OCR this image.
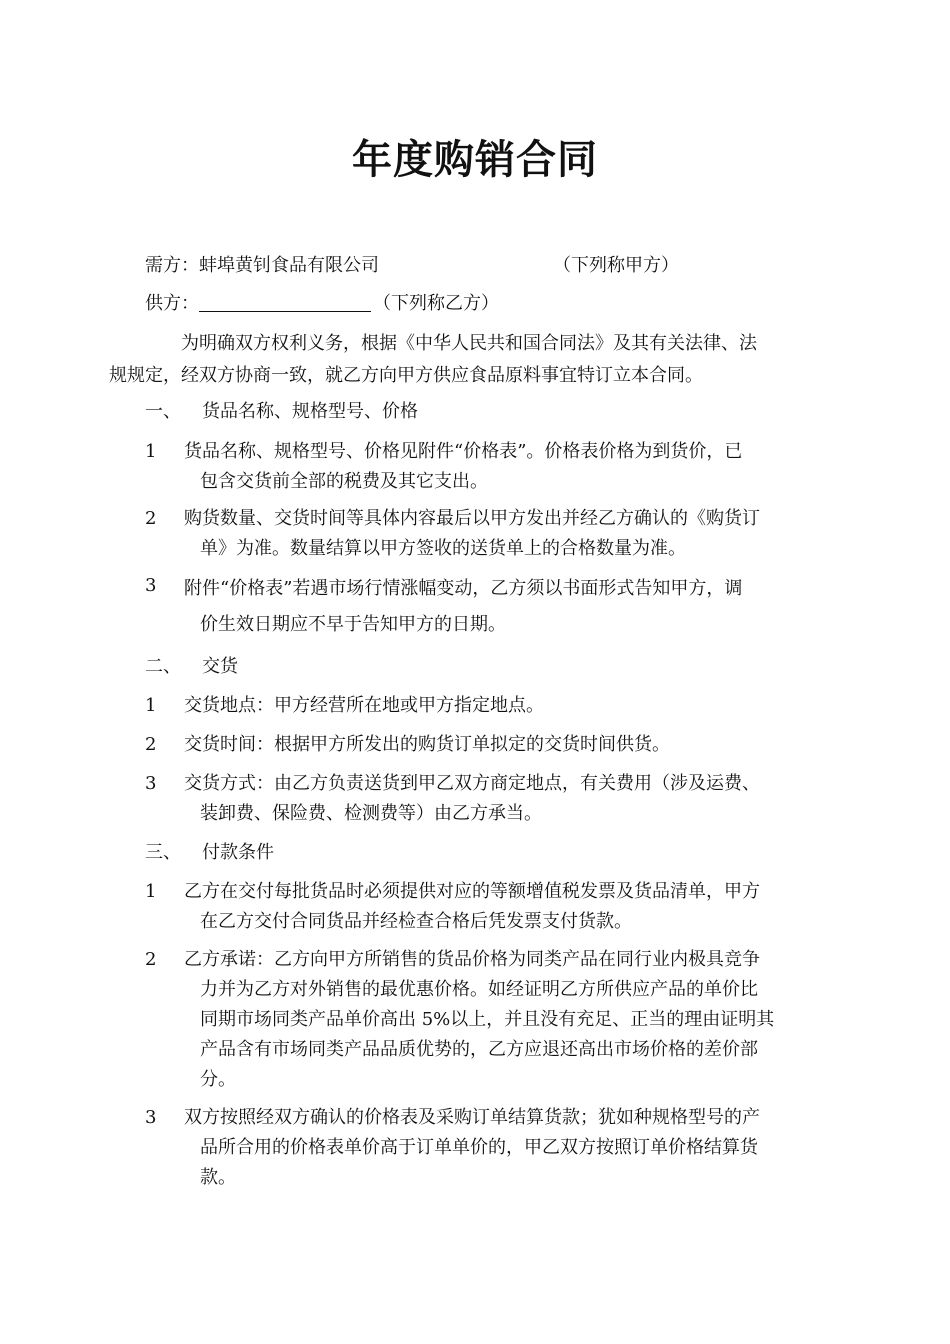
年度购销合同
需方：蚌埠黄钊食品有限公司	（下列称甲方）
供方：	（下列称乙方）
为明确双方权利义务，根据《中华人民共和国合同法》及其有关法律、法
规规定，经双方协商一致，就乙方向甲方供应食品原料事宜特订立本合同。
一、 货品名称、规格型号、价格
1 货品名称、规格型号、价格见附件“价格表”。价格表价格为到货价，已
包含交货前全部的税费及其它支出。
2 购货数量、交货时间等具体内容最后以甲方发出并经乙方确认的《购货订
单》为准。数量结算以甲方签收的送货单上的合格数量为准。
3 附件“价格表”若遇市场行情涨幅变动，乙方须以书面形式告知甲方，调
价生效日期应不早于告知甲方的日期。
二、 交货
1 交货地点：甲方经营所在地或甲方指定地点。
2 交货时间：根据甲方所发出的购货订单拟定的交货时间供货。
3 交货方式：由乙方负责送货到甲乙双方商定地点，有关费用（涉及运费、
装卸费、保险费、检测费等）由乙方承当。
三、 付款条件
1 乙方在交付每批货品时必须提供对应的等额增值税发票及货品清单，甲方
在乙方交付合同货品并经检查合格后凭发票支付货款。
2 乙方承诺：乙方向甲方所销售的货品价格为同类产品在同行业内极具竞争
力并为乙方对外销售的最优惠价格。如经证明乙方所供应产品的单价比
同期市场同类产品单价高出 5%以上，并且没有充足、正当的理由证明其
产品含有市场同类产品品质优势的，乙方应退还高出市场价格的差价部
分。
3 双方按照经双方确认的价格表及采购订单结算货款；犹如种规格型号的产
品所合用的价格表单价高于订单单价的，甲乙双方按照订单价格结算货
款。
